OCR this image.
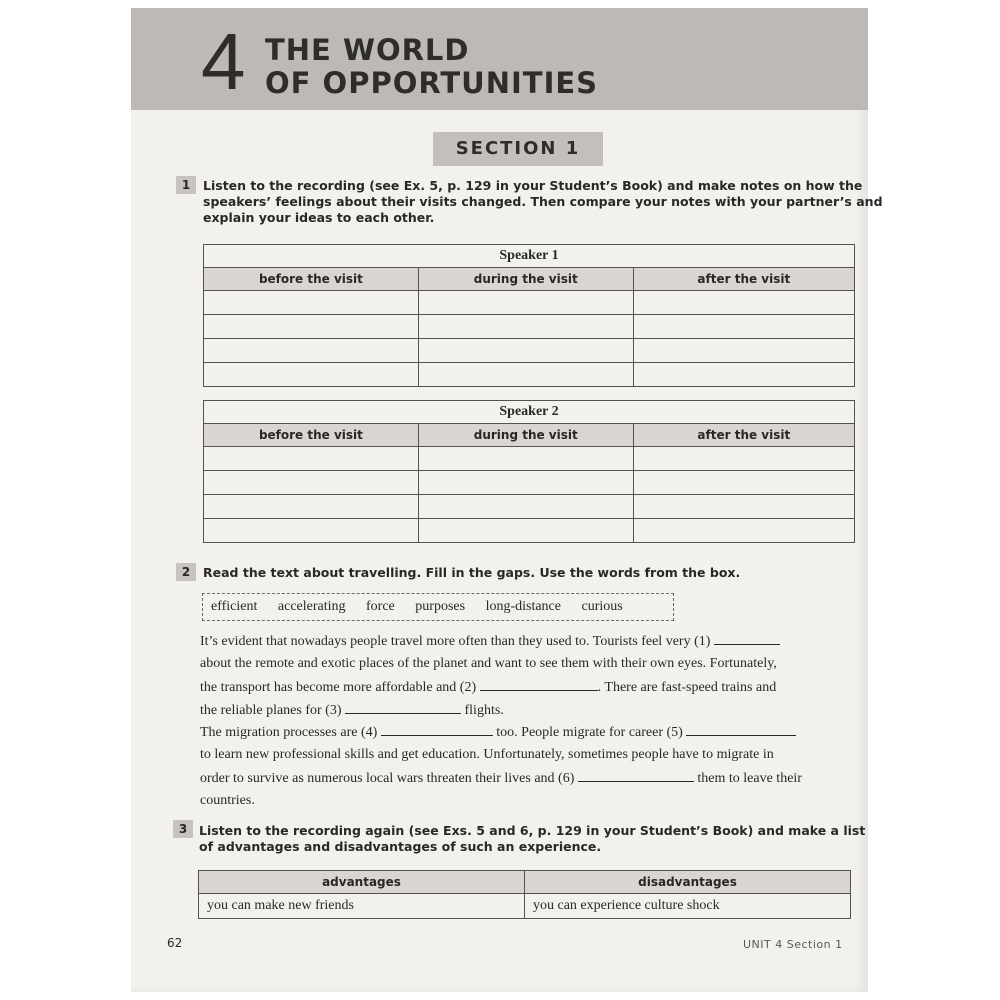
4 THE WORLD
OF OPPORTUNITIES
SECTION 1
1	Listen to the recording (see Ex. 5, p. 129 in your Student’s Book) and make notes on how the
speakers’ feelings about their visits changed. Then compare your notes with your partner’s and
explain your ideas to each other.
Speaker 1		
before the visit	during the visit	after the visit

Speaker 2		
before the visit	during the visit	after the visit

2	Read the text about travelling. Fill in the gaps. Use the words from the box.
efficient accelerating force purposes long-distance curious
It’s evident that nowadays people travel more often than they used to. Tourists feel very (1)
about the remote and exotic places of the planet and want to see them with their own eyes. Fortunately,
the transport has become more affordable and (2)	. There are fast-speed trains and
the reliable planes for (3)	flights.
The migration processes are (4)	too. People migrate for career (5)
to learn new professional skills and get education. Unfortunately, sometimes people have to migrate in
order to survive as numerous local wars threaten their lives and (6)	them to leave their
countries.
3 Listen to the recording again (see Exs. 5 and 6, p. 129 in your Student’s Book) and make a list
of advantages and disadvantages of such an experience.
advantages	disadvantages
you can make new friends	you can experience culture shock
62	UNIT 4 Section 1
